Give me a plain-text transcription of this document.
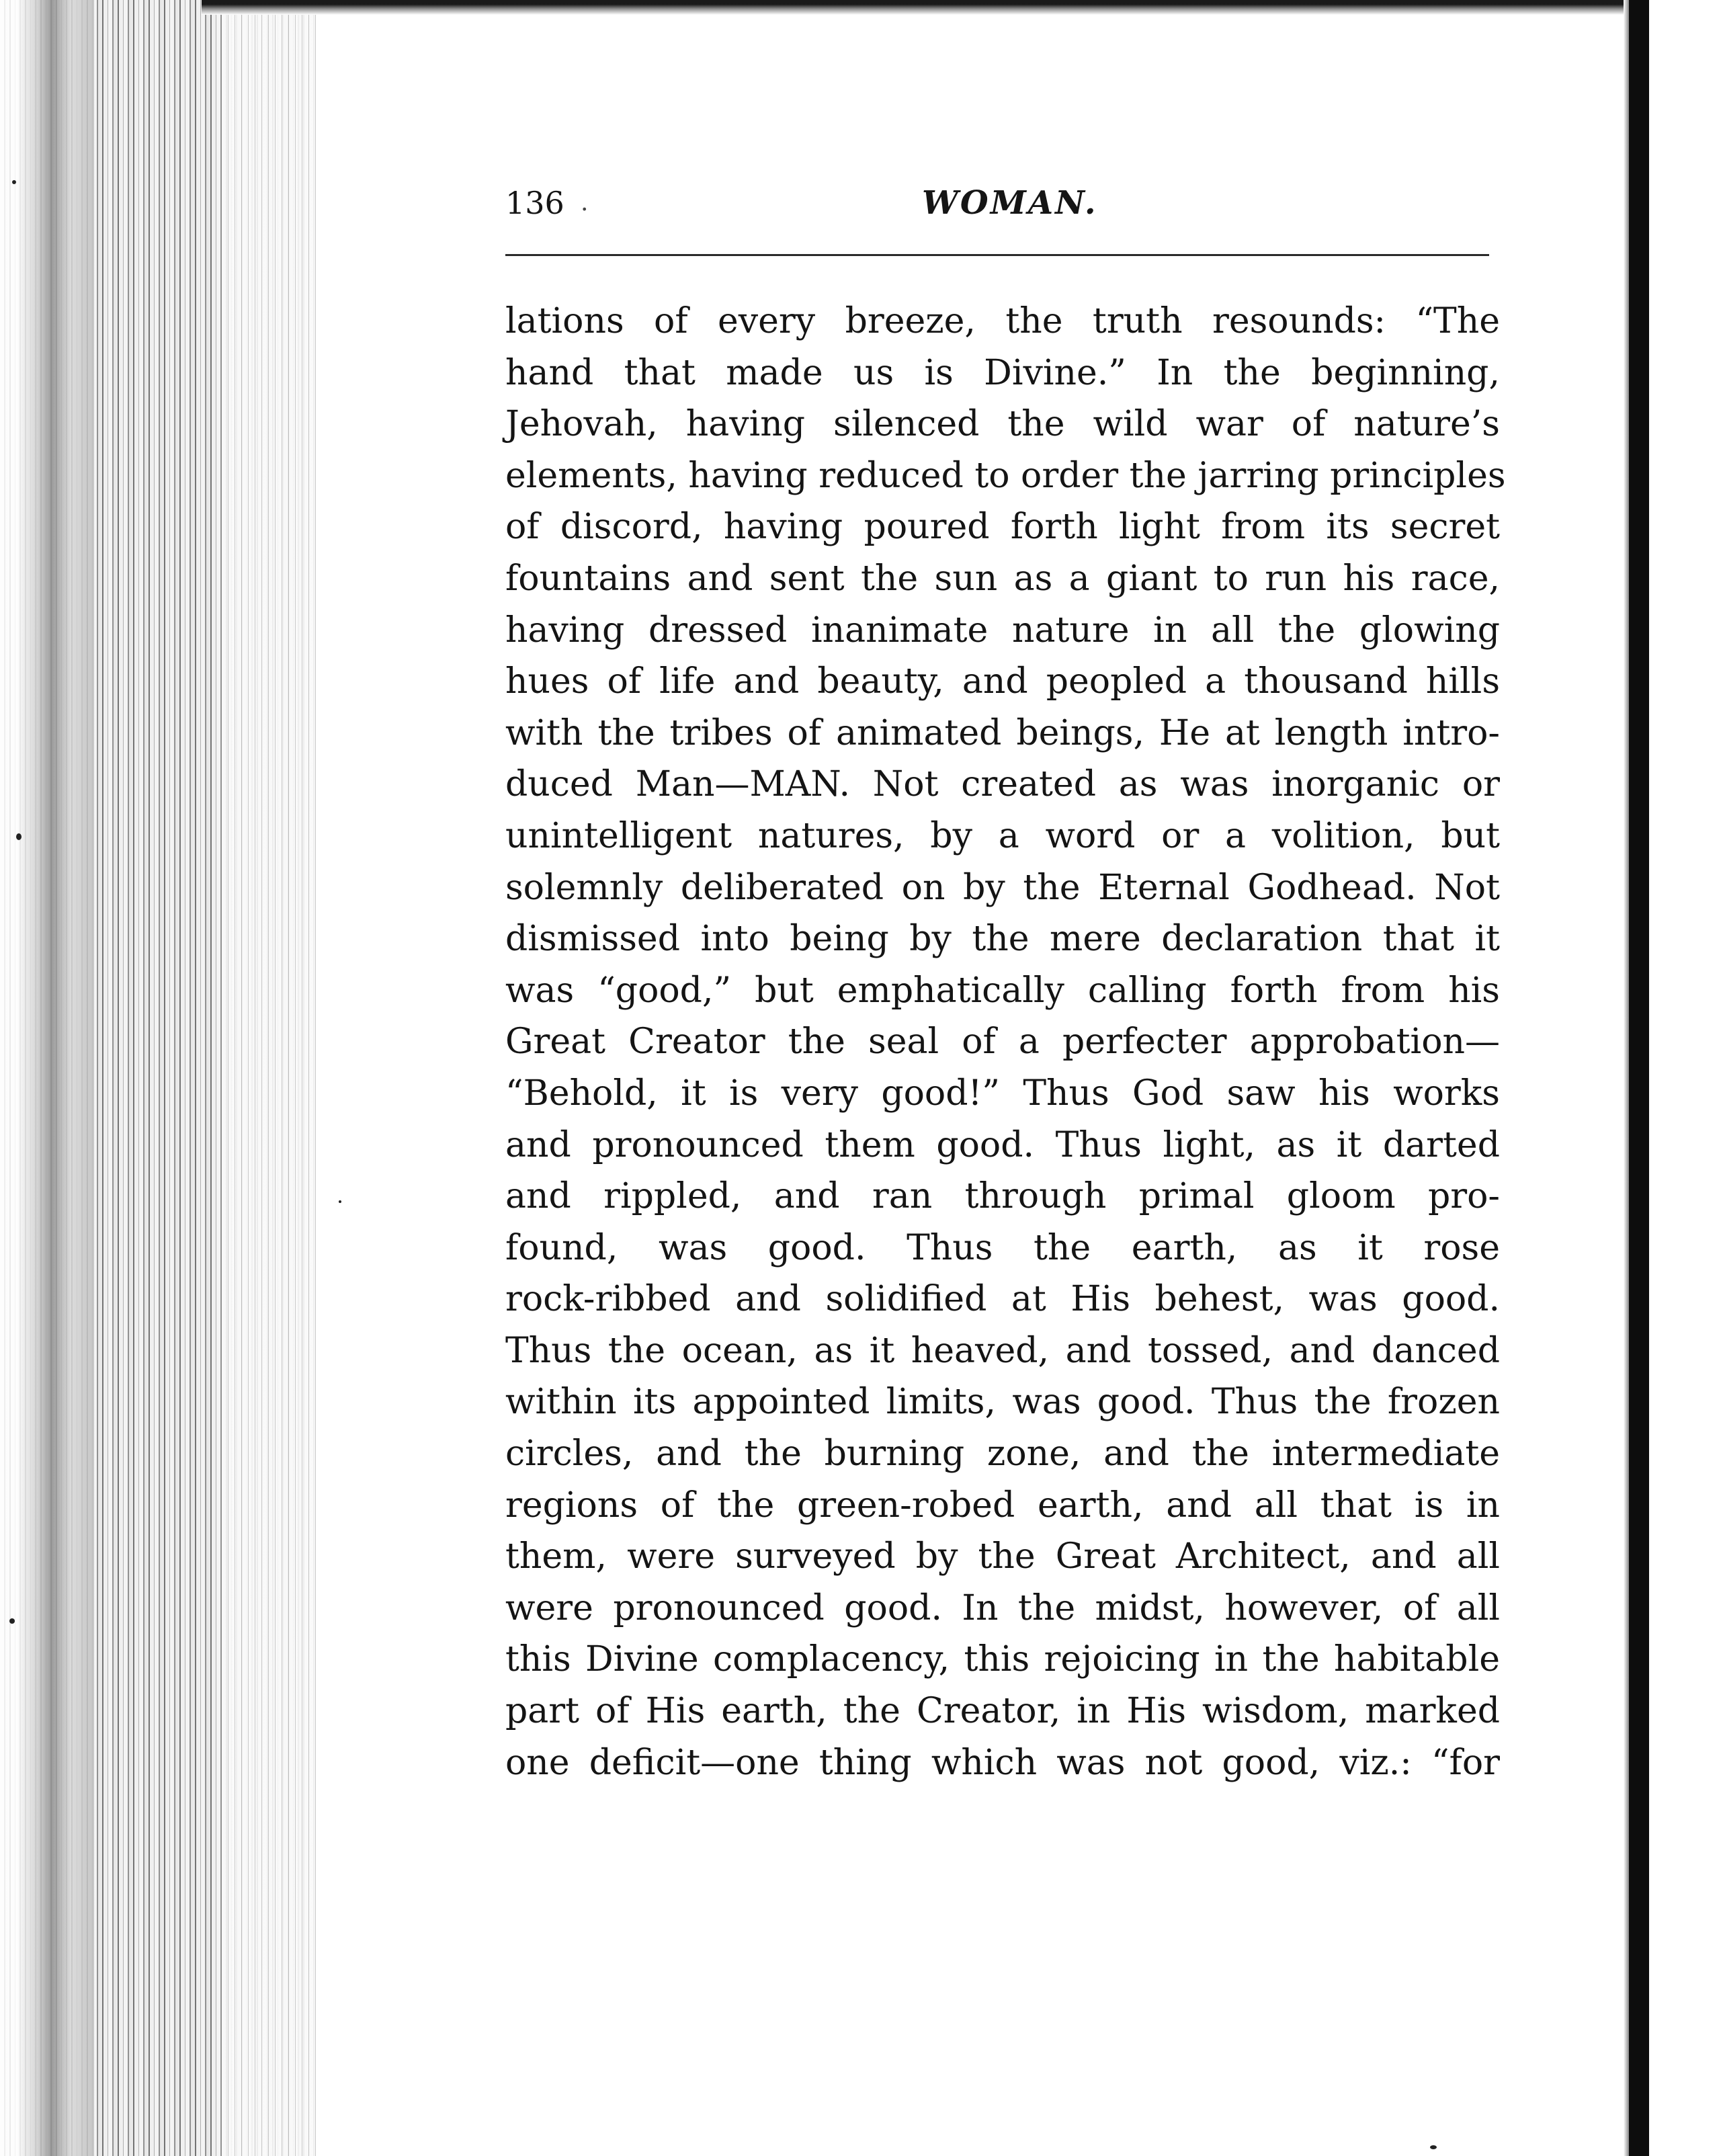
136 .	WOMAN.
lations of every breeze, the truth resounds: “The
hand that made us is Divine.” In the beginning,
Jehovah, having silenced the wild war of nature’s
elements, having reduced to order the jarring principles
of discord, having poured forth light from its secret
fountains and sent the sun as a giant to run his race,
having dressed inanimate nature in all the glowing
hues of life and beauty, and peopled a thousand hills
with the tribes of animated beings, He at length intro-
duced Man—MAN. Not created as was inorganic or
unintelligent natures, by a word or a volition, but
solemnly deliberated on by the Eternal Godhead. Not
dismissed into being by the mere declaration that it
was “good,” but emphatically calling forth from his
Great Creator the seal of a perfecter approbation—
“Behold, it is very good!” Thus God saw his works
and pronounced them good. Thus light, as it darted
and rippled, and ran through primal gloom pro-
found, was good. Thus the earth, as it rose
rock-ribbed and solidified at His behest, was good.
Thus the ocean, as it heaved, and tossed, and danced
within its appointed limits, was good. Thus the frozen
circles, and the burning zone, and the intermediate
regions of the green-robed earth, and all that is in
them, were surveyed by the Great Architect, and all
were pronounced good. In the midst, however, of all
this Divine complacency, this rejoicing in the habitable
part of His earth, the Creator, in His wisdom, marked
one deficit—one thing which was not good, viz.: “for
